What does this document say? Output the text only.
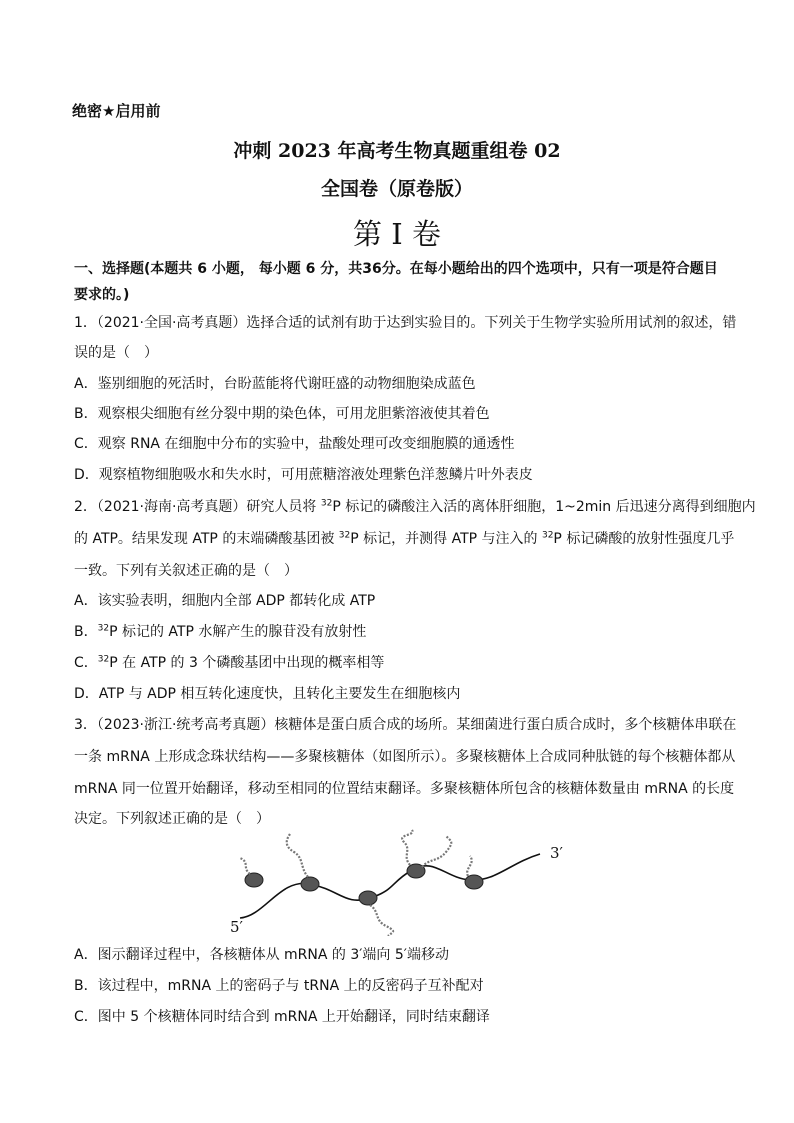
绝密★启用前
冲刺 2023 年高考生物真题重组卷 02
全国卷（原卷版）
第 I 卷
一、选择题(本题共 6 小题， 每小题 6 分，共36分。在每小题给出的四个选项中，只有一项是符合题目
要求的。)
1．（2021·全国·高考真题）选择合适的试剂有助于达到实验目的。下列关于生物学实验所用试剂的叙述，错
误的是（　）
A．鉴别细胞的死活时，台盼蓝能将代谢旺盛的动物细胞染成蓝色
B．观察根尖细胞有丝分裂中期的染色体，可用龙胆紫溶液使其着色
C．观察 RNA 在细胞中分布的实验中，盐酸处理可改变细胞膜的通透性
D．观察植物细胞吸水和失水时，可用蔗糖溶液处理紫色洋葱鳞片叶外表皮
2．（2021·海南·高考真题）研究人员将 $^{32}$P 标记的磷酸注入活的离体肝细胞，1~2min 后迅速分离得到细胞内
的 ATP。结果发现 ATP 的末端磷酸基团被 $^{32}$P 标记，并测得 ATP 与注入的 $^{32}$P 标记磷酸的放射性强度几乎
一致。下列有关叙述正确的是（　）
A．该实验表明，细胞内全部 ADP 都转化成 ATP
B．$^{32}$P 标记的 ATP 水解产生的腺苷没有放射性
C．$^{32}$P 在 ATP 的 3 个磷酸基团中出现的概率相等
D．ATP 与 ADP 相互转化速度快，且转化主要发生在细胞核内
3．（2023·浙江·统考高考真题）核糖体是蛋白质合成的场所。某细菌进行蛋白质合成时，多个核糖体串联在
一条 mRNA 上形成念珠状结构——多聚核糖体（如图所示）。多聚核糖体上合成同种肽链的每个核糖体都从
mRNA 同一位置开始翻译，移动至相同的位置结束翻译。多聚核糖体所包含的核糖体数量由 mRNA 的长度
决定。下列叙述正确的是（　）
3′
5′
A．图示翻译过程中，各核糖体从 mRNA 的 3′端向 5′端移动
B．该过程中，mRNA 上的密码子与 tRNA 上的反密码子互补配对
C．图中 5 个核糖体同时结合到 mRNA 上开始翻译，同时结束翻译
